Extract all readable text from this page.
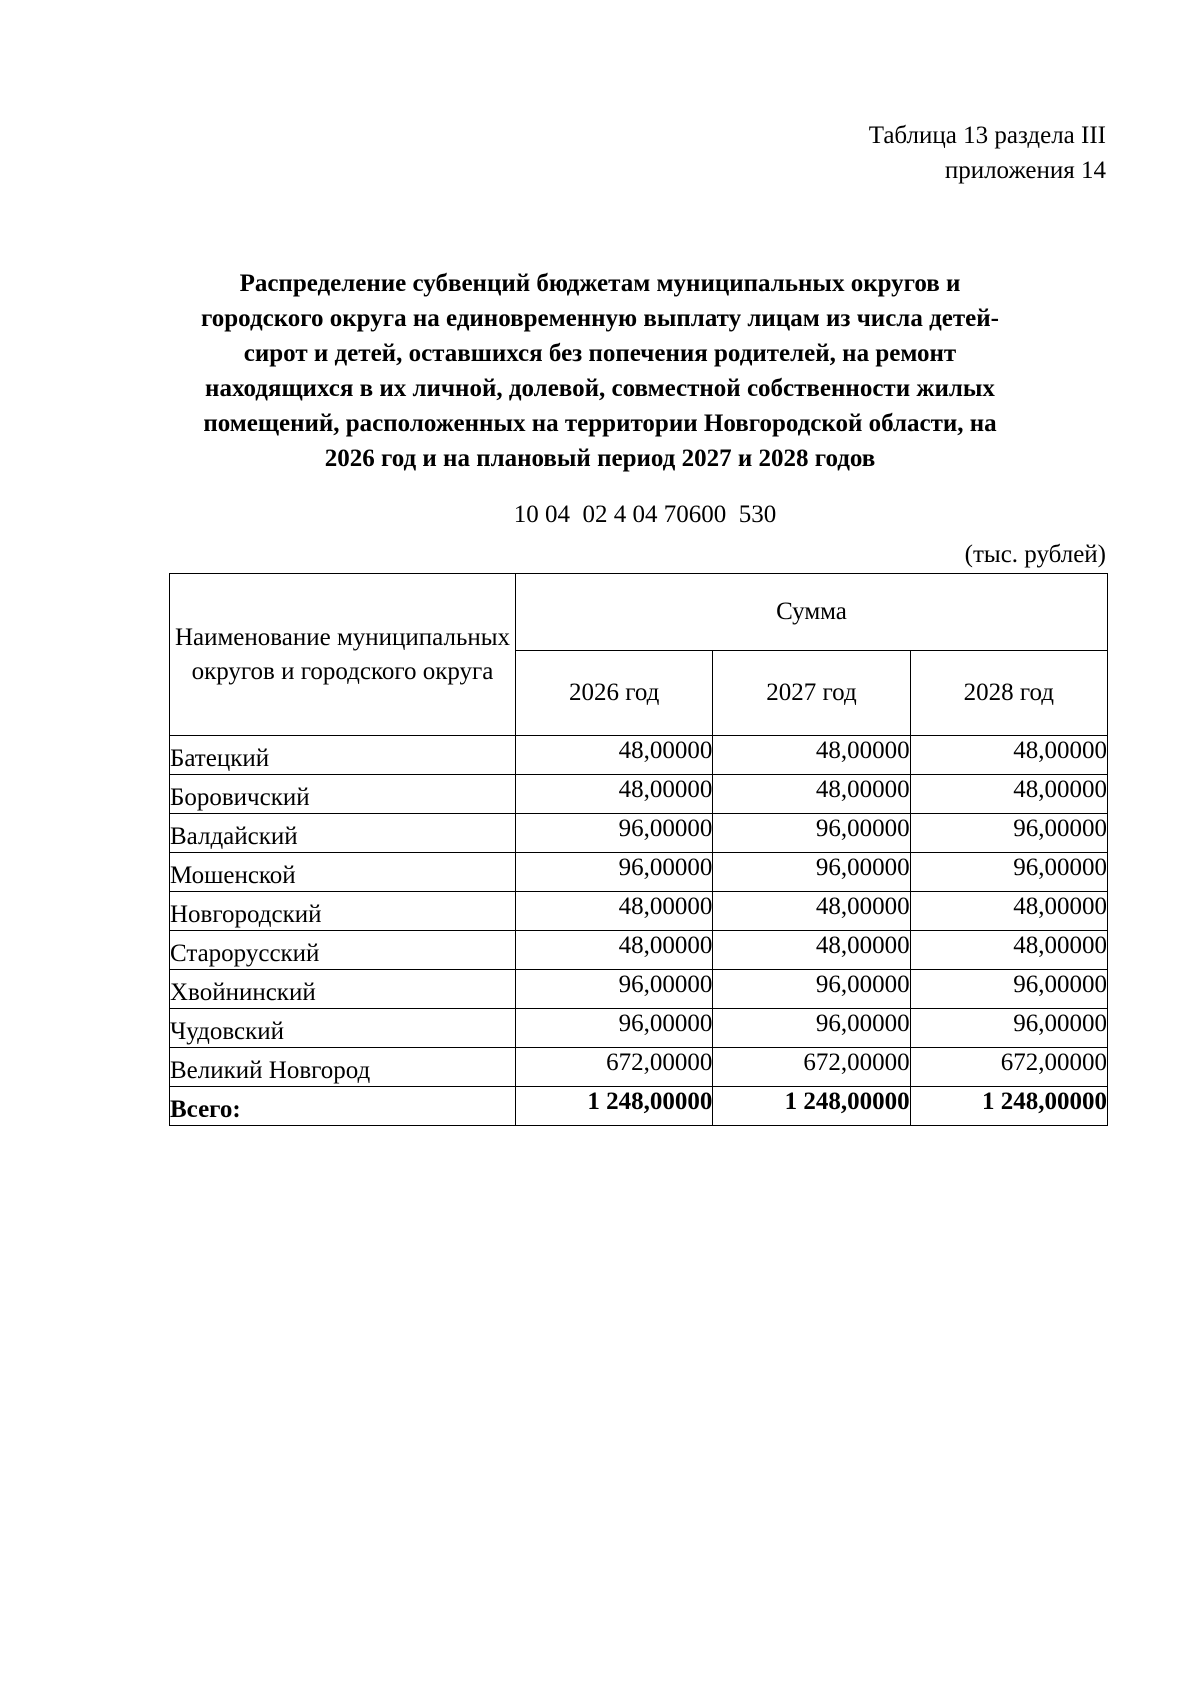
Таблица 13 раздела III
приложения 14
Распределение субвенций бюджетам муниципальных округов и
городского округа на единовременную выплату лицам из числа детей-
сирот и детей, оставшихся без попечения родителей, на ремонт
находящихся в их личной, долевой, совместной собственности жилых
помещений, расположенных на территории Новгородской области, на
2026 год и на плановый период 2027 и 2028 годов
10 04  02 4 04 70600  530
(тыс. рублей)
Наименование муниципальных округов и городского округа	Сумма		
	2026 год	2027 год	2028 год
Батецкий	48,00000	48,00000	48,00000
Боровичский	48,00000	48,00000	48,00000
Валдайский	96,00000	96,00000	96,00000
Мошенской	96,00000	96,00000	96,00000
Новгородский	48,00000	48,00000	48,00000
Старорусский	48,00000	48,00000	48,00000
Хвойнинский	96,00000	96,00000	96,00000
Чудовский	96,00000	96,00000	96,00000
Великий Новгород	672,00000	672,00000	672,00000
Всего:	1 248,00000	1 248,00000	1 248,00000
